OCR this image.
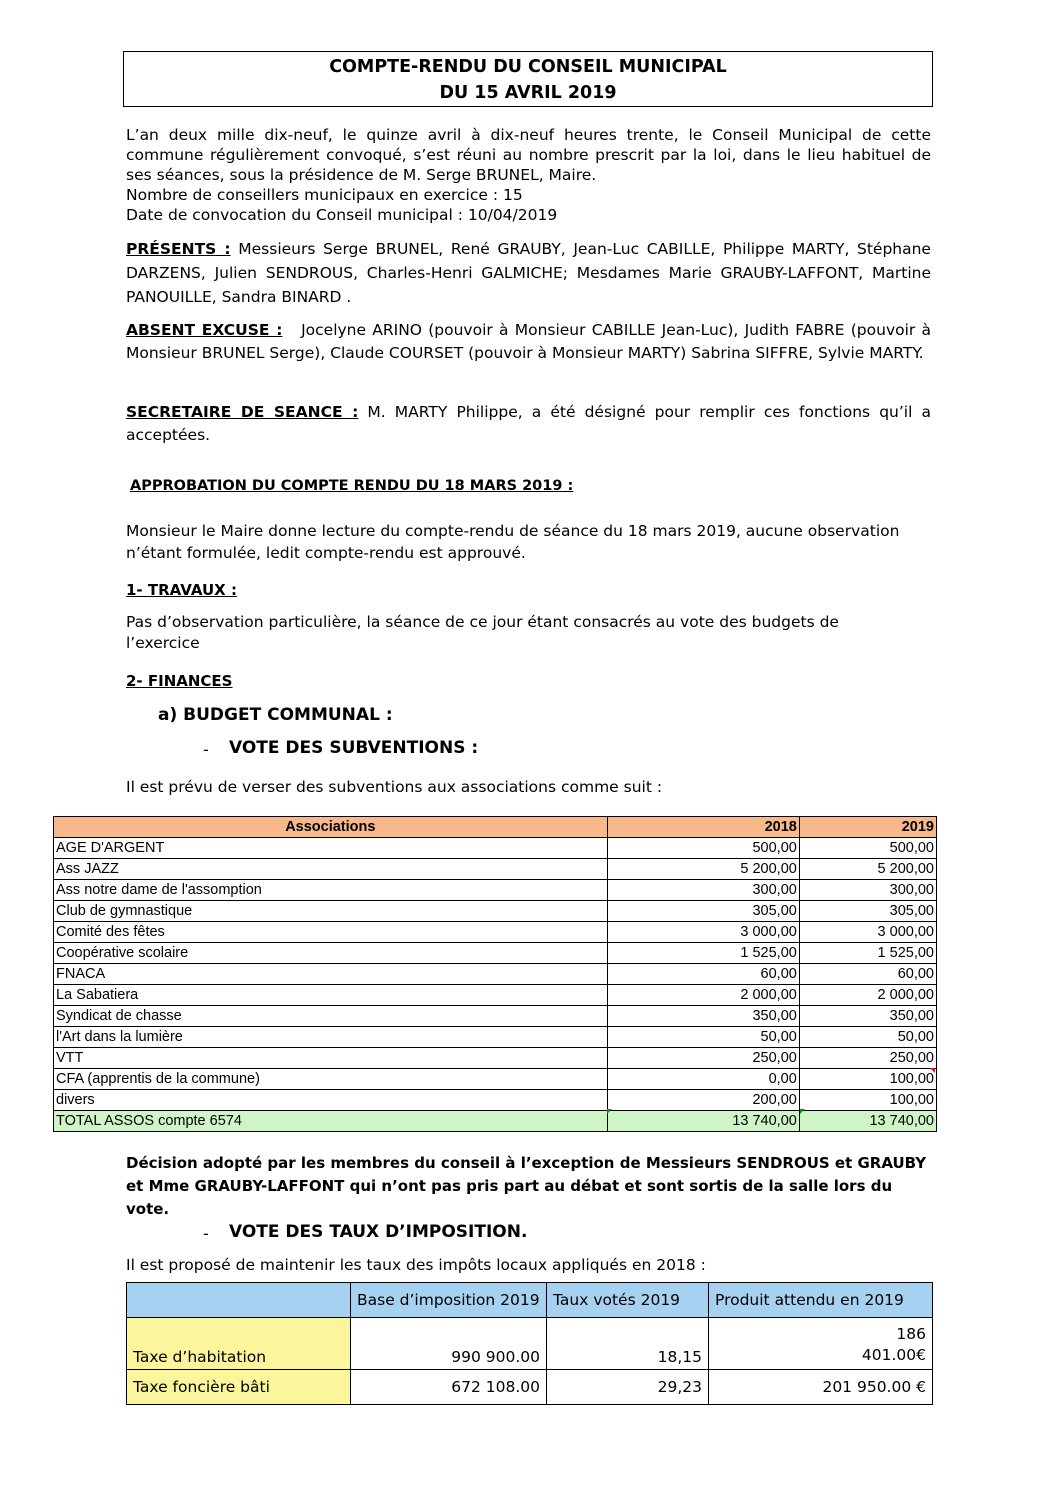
COMPTE-RENDU DU CONSEIL MUNICIPAL
DU 15 AVRIL 2019

L’an deux mille dix-neuf, le quinze avril à dix-neuf heures trente, le Conseil Municipal de cette commune régulièrement convoqué, s’est réuni au nombre prescrit par la loi, dans le lieu habituel de ses séances, sous la présidence de M. Serge BRUNEL, Maire.

Nombre de conseillers municipaux en exercice : 15

Date de convocation du Conseil municipal : 10/04/2019

PRÉSENTS : Messieurs Serge BRUNEL, René GRAUBY, Jean-Luc CABILLE, Philippe MARTY, Stéphane DARZENS, Julien SENDROUS, Charles-Henri GALMICHE; Mesdames Marie GRAUBY-LAFFONT, Martine PANOUILLE, Sandra BINARD .

ABSENT EXCUSE : Jocelyne ARINO (pouvoir à Monsieur CABILLE Jean-Luc), Judith FABRE (pouvoir à Monsieur BRUNEL Serge), Claude COURSET (pouvoir à Monsieur MARTY) Sabrina SIFFRE, Sylvie MARTY.

SECRETAIRE DE SEANCE : M. MARTY Philippe, a été désigné pour remplir ces fonctions qu’il a acceptées.

APPROBATION DU COMPTE RENDU DU 18 MARS 2019 :
Monsieur le Maire donne lecture du compte-rendu de séance du 18 mars 2019, aucune observation n’étant formulée, ledit compte-rendu est approuvé.
1- TRAVAUX :
Pas d’observation particulière, la séance de ce jour étant consacrés au vote des budgets de l’exercice
2- FINANCES
a) BUDGET COMMUNAL :
- VOTE DES SUBVENTIONS :
Il est prévu de verser des subventions aux associations comme suit :
Associations	2018	2019
AGE D'ARGENT	500,00	500,00
Ass JAZZ	5 200,00	5 200,00
Ass notre dame de l'assomption	300,00	300,00
Club de gymnastique	305,00	305,00
Comité des fêtes	3 000,00	3 000,00
Coopérative scolaire	1 525,00	1 525,00
FNACA	60,00	60,00
La Sabatiera	2 000,00	2 000,00
Syndicat de chasse	350,00	350,00
l'Art dans la lumière	50,00	50,00
VTT	250,00	250,00
CFA (apprentis de la commune)	0,00	100,00
divers	200,00	100,00
TOTAL ASSOS compte 6574	13 740,00	13 740,00
Décision adopté par les membres du conseil à l’exception de Messieurs SENDROUS et GRAUBY et Mme GRAUBY-LAFFONT qui n’ont pas pris part au débat et sont sortis de la salle lors du vote.
- VOTE DES TAUX D’IMPOSITION.
Il est proposé de maintenir les taux des impôts locaux appliqués en 2018 :
	Base d’imposition 2019	Taux votés 2019	Produit attendu en 2019
Taxe d’habitation	990 900.00	18,15	186
401.00€

Taxe foncière bâti	672 108.00	29,23	201 950.00 €
